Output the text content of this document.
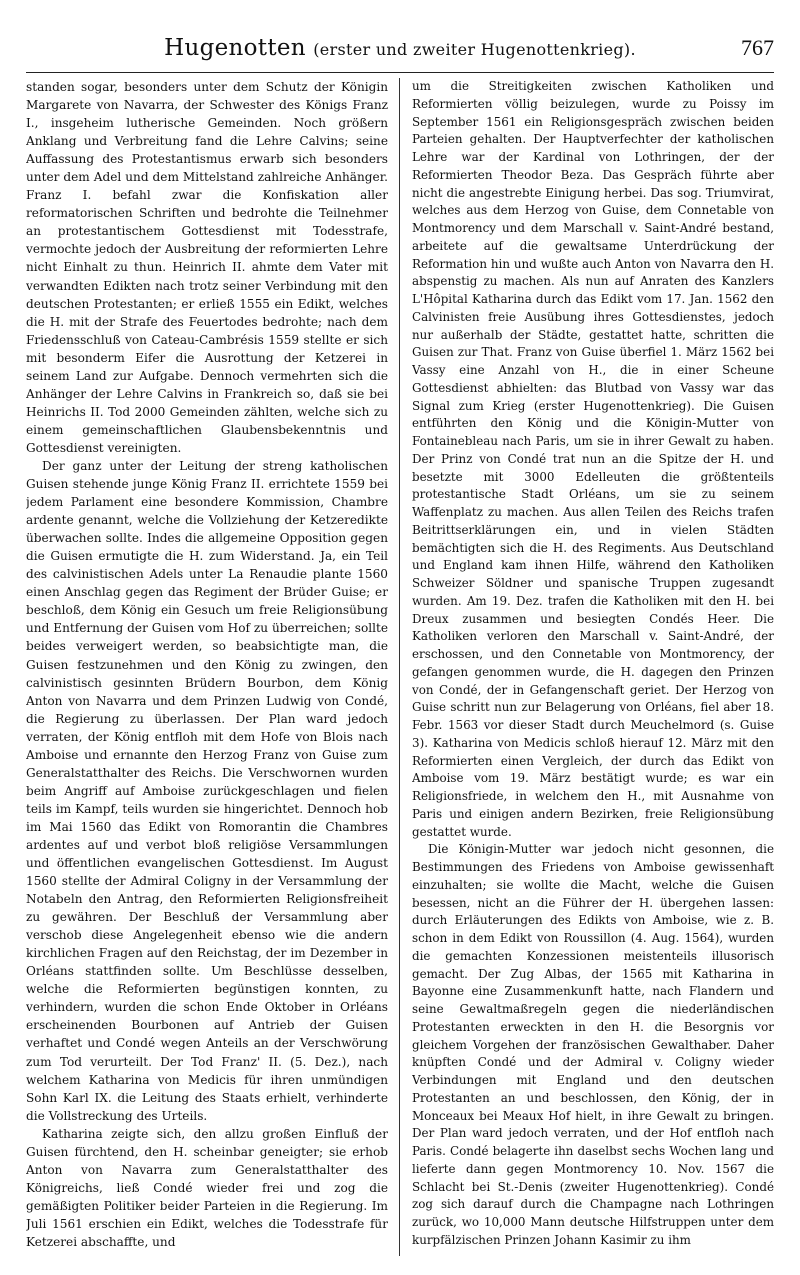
Hugenotten (erster und zweiter Hugenottenkrieg).	767

standen sogar, besonders unter dem Schutz der Königin Margarete von Navarra, der Schwester des Königs Franz I., insgeheim lutherische Gemeinden. Noch größern Anklang und Verbreitung fand die Lehre Calvins; seine Auffassung des Protestantismus erwarb sich besonders unter dem Adel und dem Mittelstand zahlreiche Anhänger. Franz I. befahl zwar die Konfiskation aller reformatorischen Schriften und bedrohte die Teilnehmer an protestantischem Gottesdienst mit Todesstrafe, vermochte jedoch der Ausbreitung der reformierten Lehre nicht Einhalt zu thun. Heinrich II. ahmte dem Vater mit verwandten Edikten nach trotz seiner Verbindung mit den deutschen Protestanten; er erließ 1555 ein Edikt, welches die H. mit der Strafe des Feuertodes bedrohte; nach dem Friedensschluß von Cateau-Cambrésis 1559 stellte er sich mit besonderm Eifer die Ausrottung der Ketzerei in seinem Land zur Aufgabe. Dennoch vermehrten sich die Anhänger der Lehre Calvins in Frankreich so, daß sie bei Heinrichs II. Tod 2000 Gemeinden zählten, welche sich zu einem gemeinschaftlichen Glaubensbekenntnis und Gottesdienst vereinigten.

Der ganz unter der Leitung der streng katholischen Guisen stehende junge König Franz II. errichtete 1559 bei jedem Parlament eine besondere Kommission, Chambre ardente genannt, welche die Vollziehung der Ketzeredikte überwachen sollte. Indes die allgemeine Opposition gegen die Guisen ermutigte die H. zum Widerstand. Ja, ein Teil des calvinistischen Adels unter La Renaudie plante 1560 einen Anschlag gegen das Regiment der Brüder Guise; er beschloß, dem König ein Gesuch um freie Religionsübung und Entfernung der Guisen vom Hof zu überreichen; sollte beides verweigert werden, so beabsichtigte man, die Guisen festzunehmen und den König zu zwingen, den calvinistisch gesinnten Brüdern Bourbon, dem König Anton von Navarra und dem Prinzen Ludwig von Condé, die Regierung zu überlassen. Der Plan ward jedoch verraten, der König entfloh mit dem Hofe von Blois nach Amboise und ernannte den Herzog Franz von Guise zum Generalstatthalter des Reichs. Die Verschwornen wurden beim Angriff auf Amboise zurückgeschlagen und fielen teils im Kampf, teils wurden sie hingerichtet. Dennoch hob im Mai 1560 das Edikt von Romorantin die Chambres ardentes auf und verbot bloß religiöse Versammlungen und öffentlichen evangelischen Gottesdienst. Im August 1560 stellte der Admiral Coligny in der Versammlung der Notabeln den Antrag, den Reformierten Religionsfreiheit zu gewähren. Der Beschluß der Versammlung aber verschob diese Angelegenheit ebenso wie die andern kirchlichen Fragen auf den Reichstag, der im Dezember in Orléans stattfinden sollte. Um Beschlüsse desselben, welche die Reformierten begünstigen konnten, zu verhindern, wurden die schon Ende Oktober in Orléans erscheinenden Bourbonen auf Antrieb der Guisen verhaftet und Condé wegen Anteils an der Verschwörung zum Tod verurteilt. Der Tod Franz' II. (5. Dez.), nach welchem Katharina von Medicis für ihren unmündigen Sohn Karl IX. die Leitung des Staats erhielt, verhinderte die Vollstreckung des Urteils.

Katharina zeigte sich, den allzu großen Einfluß der Guisen fürchtend, den H. scheinbar geneigter; sie erhob Anton von Navarra zum Generalstatthalter des Königreichs, ließ Condé wieder frei und zog die gemäßigten Politiker beider Parteien in die Regierung. Im Juli 1561 erschien ein Edikt, welches die Todesstrafe für Ketzerei abschaffte, und

um die Streitigkeiten zwischen Katholiken und Reformierten völlig beizulegen, wurde zu Poissy im September 1561 ein Religionsgespräch zwischen beiden Parteien gehalten. Der Hauptverfechter der katholischen Lehre war der Kardinal von Lothringen, der der Reformierten Theodor Beza. Das Gespräch führte aber nicht die angestrebte Einigung herbei. Das sog. Triumvirat, welches aus dem Herzog von Guise, dem Connetable von Montmorency und dem Marschall v. Saint-André bestand, arbeitete auf die gewaltsame Unterdrückung der Reformation hin und wußte auch Anton von Navarra den H. abspenstig zu machen. Als nun auf Anraten des Kanzlers L'Hôpital Katharina durch das Edikt vom 17. Jan. 1562 den Calvinisten freie Ausübung ihres Gottesdienstes, jedoch nur außerhalb der Städte, gestattet hatte, schritten die Guisen zur That. Franz von Guise überfiel 1. März 1562 bei Vassy eine Anzahl von H., die in einer Scheune Gottesdienst abhielten: das Blutbad von Vassy war das Signal zum Krieg (erster Hugenottenkrieg). Die Guisen entführten den König und die Königin-Mutter von Fontainebleau nach Paris, um sie in ihrer Gewalt zu haben. Der Prinz von Condé trat nun an die Spitze der H. und besetzte mit 3000 Edelleuten die größtenteils protestantische Stadt Orléans, um sie zu seinem Waffenplatz zu machen. Aus allen Teilen des Reichs trafen Beitrittserklärungen ein, und in vielen Städten bemächtigten sich die H. des Regiments. Aus Deutschland und England kam ihnen Hilfe, während den Katholiken Schweizer Söldner und spanische Truppen zugesandt wurden. Am 19. Dez. trafen die Katholiken mit den H. bei Dreux zusammen und besiegten Condés Heer. Die Katholiken verloren den Marschall v. Saint-André, der erschossen, und den Connetable von Montmorency, der gefangen genommen wurde, die H. dagegen den Prinzen von Condé, der in Gefangenschaft geriet. Der Herzog von Guise schritt nun zur Belagerung von Orléans, fiel aber 18. Febr. 1563 vor dieser Stadt durch Meuchelmord (s. Guise 3). Katharina von Medicis schloß hierauf 12. März mit den Reformierten einen Vergleich, der durch das Edikt von Amboise vom 19. März bestätigt wurde; es war ein Religionsfriede, in welchem den H., mit Ausnahme von Paris und einigen andern Bezirken, freie Religionsübung gestattet wurde.

Die Königin-Mutter war jedoch nicht gesonnen, die Bestimmungen des Friedens von Amboise gewissenhaft einzuhalten; sie wollte die Macht, welche die Guisen besessen, nicht an die Führer der H. übergehen lassen: durch Erläuterungen des Edikts von Amboise, wie z. B. schon in dem Edikt von Roussillon (4. Aug. 1564), wurden die gemachten Konzessionen meistenteils illusorisch gemacht. Der Zug Albas, der 1565 mit Katharina in Bayonne eine Zusammenkunft hatte, nach Flandern und seine Gewaltmaßregeln gegen die niederländischen Protestanten erweckten in den H. die Besorgnis vor gleichem Vorgehen der französischen Gewalthaber. Daher knüpften Condé und der Admiral v. Coligny wieder Verbindungen mit England und den deutschen Protestanten an und beschlossen, den König, der in Monceaux bei Meaux Hof hielt, in ihre Gewalt zu bringen. Der Plan ward jedoch verraten, und der Hof entfloh nach Paris. Condé belagerte ihn daselbst sechs Wochen lang und lieferte dann gegen Montmorency 10. Nov. 1567 die Schlacht bei St.-Denis (zweiter Hugenottenkrieg). Condé zog sich darauf durch die Champagne nach Lothringen zurück, wo 10,000 Mann deutsche Hilfstruppen unter dem kurpfälzischen Prinzen Johann Kasimir zu ihm
